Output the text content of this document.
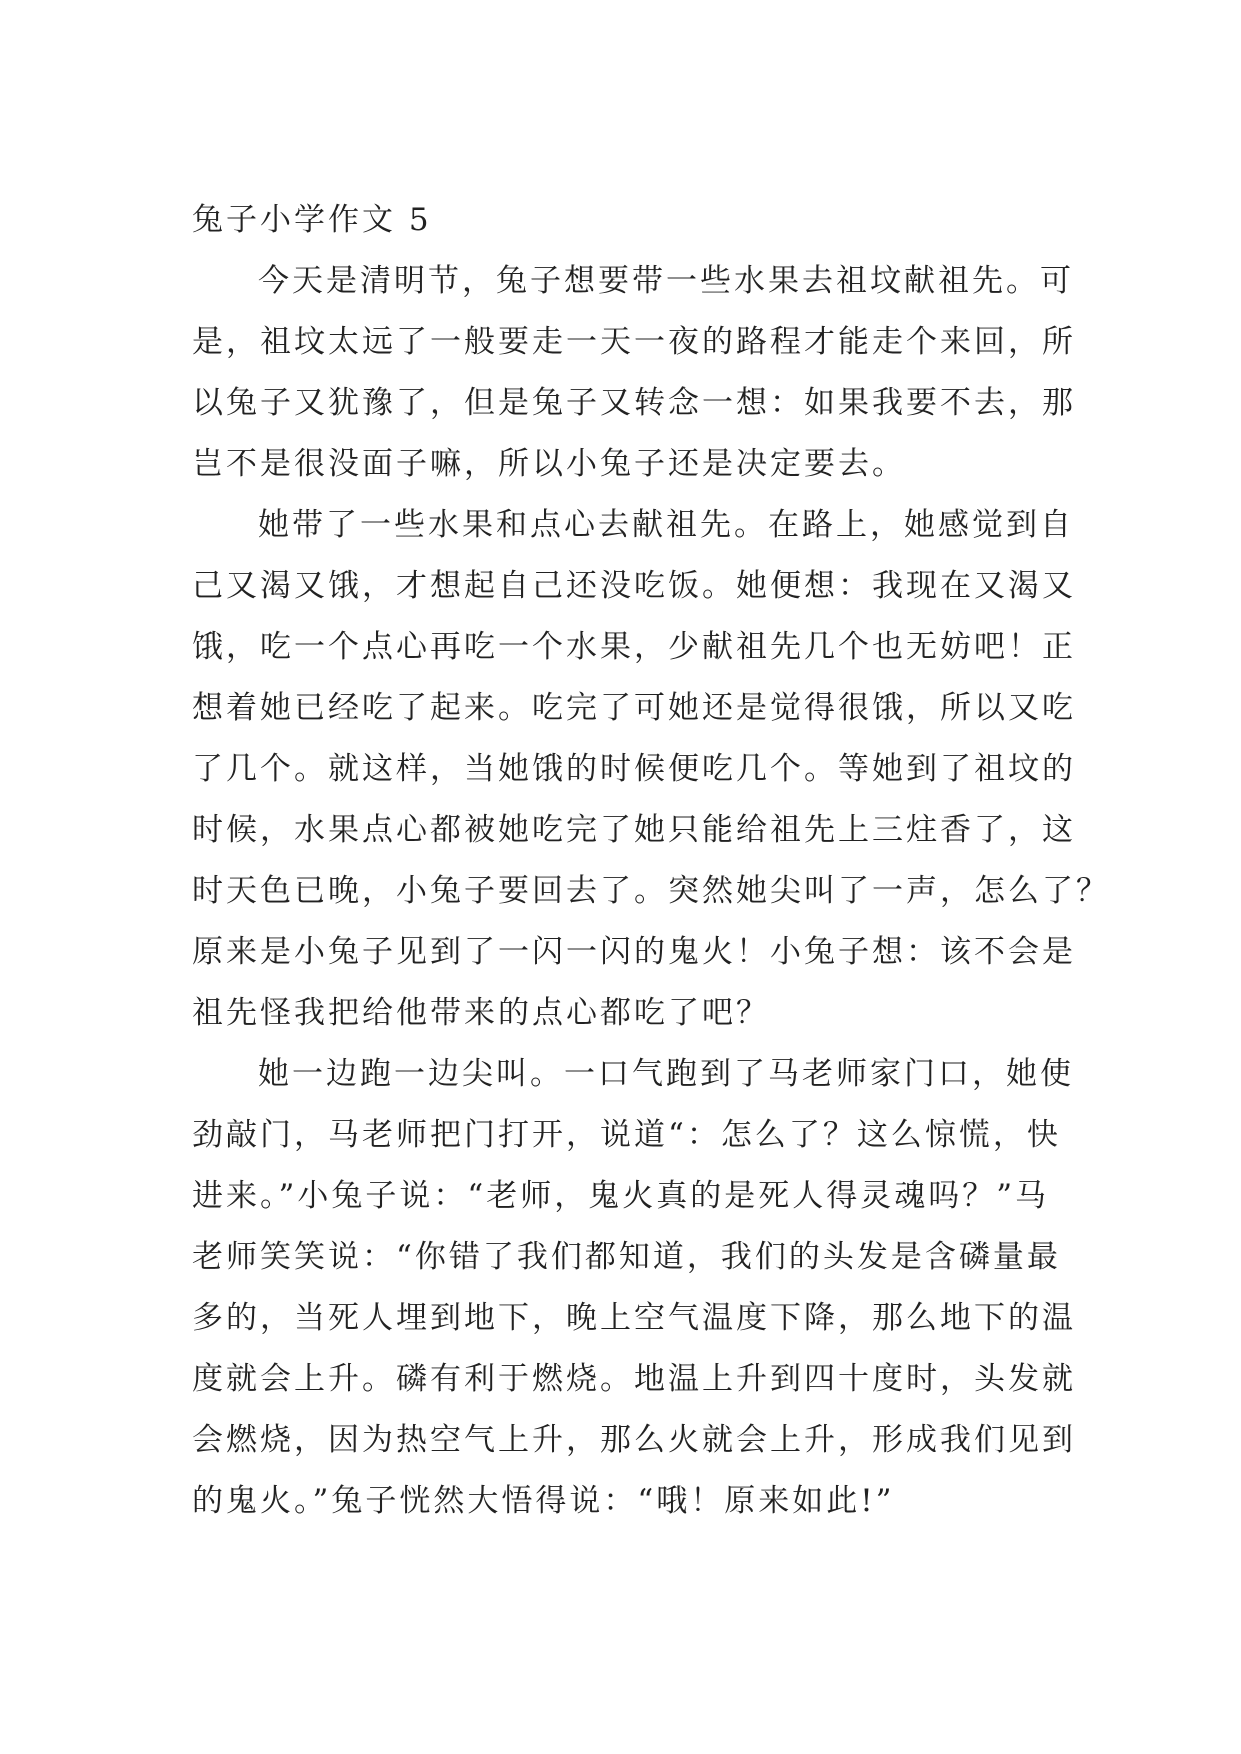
兔子小学作文 5
今天是清明节，兔子想要带一些水果去祖坟献祖先。可
是，祖坟太远了一般要走一天一夜的路程才能走个来回，所
以兔子又犹豫了，但是兔子又转念一想：如果我要不去，那
岂不是很没面子嘛，所以小兔子还是决定要去。
她带了一些水果和点心去献祖先。在路上，她感觉到自
己又渴又饿，才想起自己还没吃饭。她便想：我现在又渴又
饿，吃一个点心再吃一个水果，少献祖先几个也无妨吧！正
想着她已经吃了起来。吃完了可她还是觉得很饿，所以又吃
了几个。就这样，当她饿的时候便吃几个。等她到了祖坟的
时候，水果点心都被她吃完了她只能给祖先上三炷香了，这
时天色已晚，小兔子要回去了。突然她尖叫了一声，怎么了？
原来是小兔子见到了一闪一闪的鬼火！小兔子想：该不会是
祖先怪我把给他带来的点心都吃了吧？
她一边跑一边尖叫。一口气跑到了马老师家门口，她使
劲敲门，马老师把门打开，说道“：怎么了？这么惊慌，快
进来。”小兔子说：“老师，鬼火真的是死人得灵魂吗？”马
老师笑笑说：“你错了我们都知道，我们的头发是含磷量最
多的，当死人埋到地下，晚上空气温度下降，那么地下的温
度就会上升。磷有利于燃烧。地温上升到四十度时，头发就
会燃烧，因为热空气上升，那么火就会上升，形成我们见到
的鬼火。”兔子恍然大悟得说：“哦！原来如此!”
